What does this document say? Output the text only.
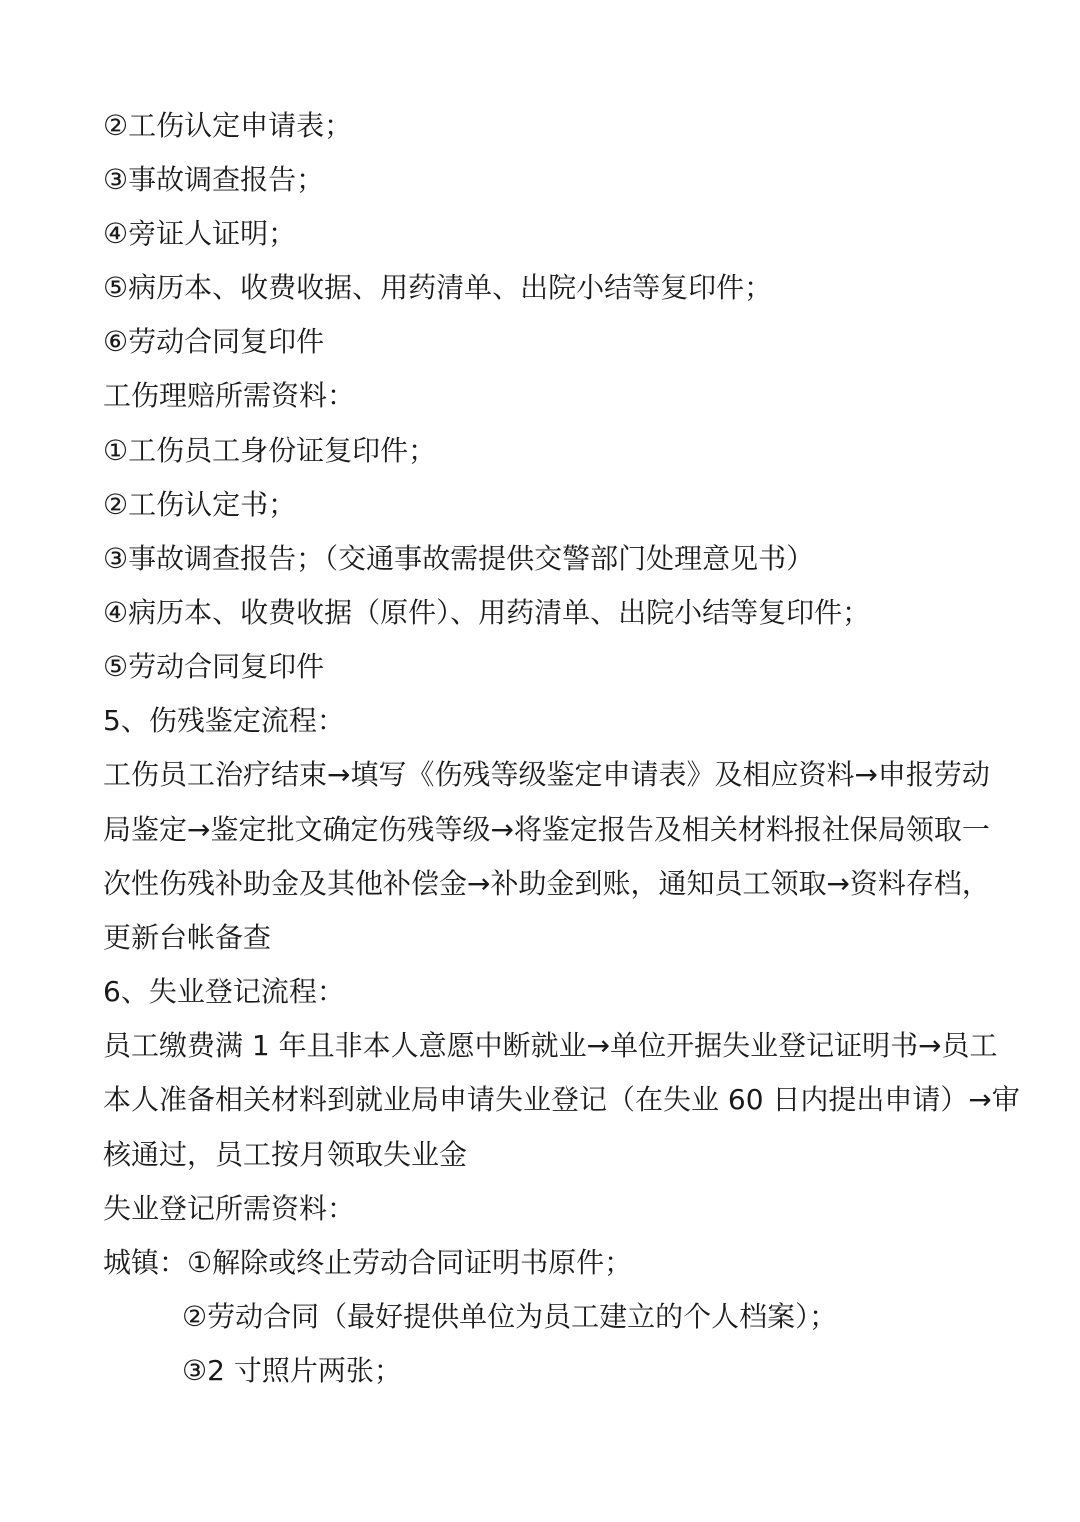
②工伤认定申请表；
③事故调查报告；
④旁证人证明；
⑤病历本、收费收据、用药清单、出院小结等复印件；
⑥劳动合同复印件
工伤理赔所需资料：
①工伤员工身份证复印件；
②工伤认定书；
③事故调查报告；（交通事故需提供交警部门处理意见书）
④病历本、收费收据（原件）、用药清单、出院小结等复印件；
⑤劳动合同复印件
5、伤残鉴定流程：
工伤员工治疗结束→填写《伤残等级鉴定申请表》及相应资料→申报劳动
局鉴定→鉴定批文确定伤残等级→将鉴定报告及相关材料报社保局领取一
次性伤残补助金及其他补偿金→补助金到账，通知员工领取→资料存档，
更新台帐备查
6、失业登记流程：
员工缴费满 1 年且非本人意愿中断就业→单位开据失业登记证明书→员工
本人准备相关材料到就业局申请失业登记（在失业 60 日内提出申请）→审
核通过，员工按月领取失业金
失业登记所需资料：
城镇：①解除或终止劳动合同证明书原件；
②劳动合同（最好提供单位为员工建立的个人档案）；
③2 寸照片两张；
